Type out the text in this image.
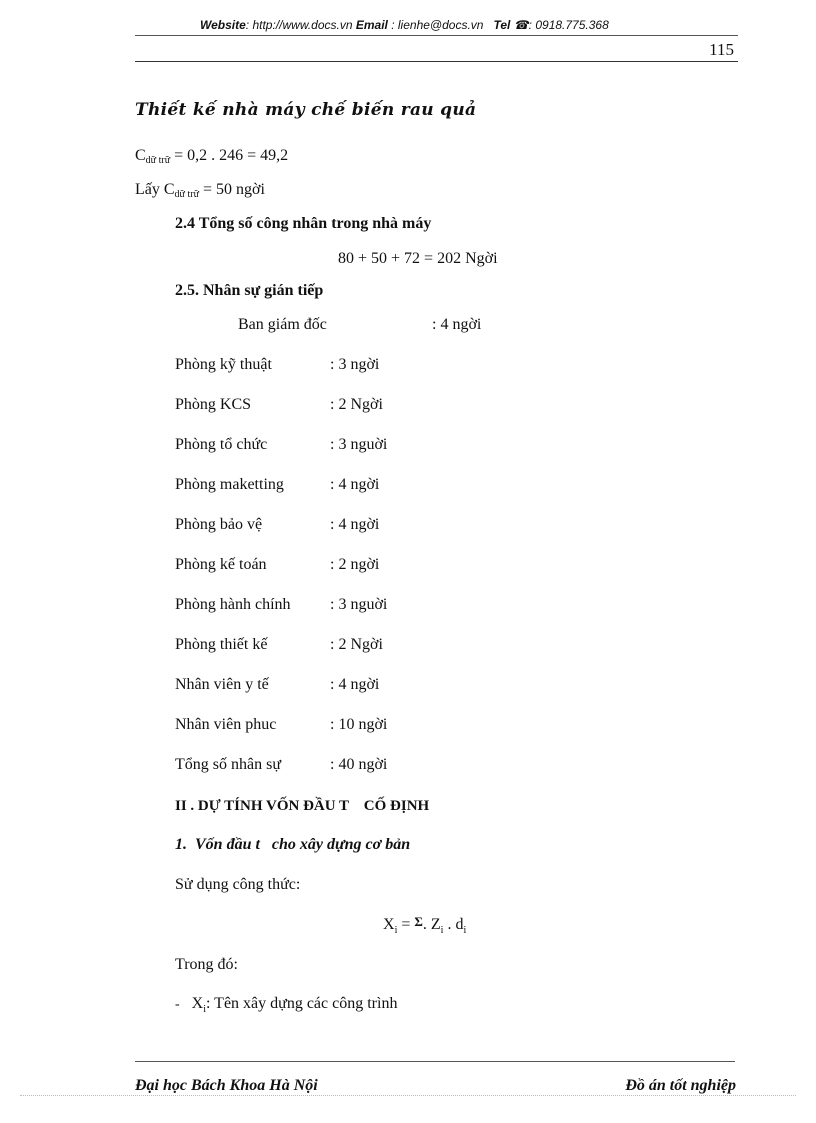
Website: http://www.docs.vn Email : lienhe@docs.vn Tel ☎: 0918.775.368
115
Thiết kế nhà máy chế biến rau quả
$C_{dữ trữ} = 0,2$ . 246 = 49,2
Lấy $C_{dữ trữ} = 50$ ngời
2.4 Tổng số công nhân trong nhà máy
80 + 50 + 72 = 202 Ngời
2.5. Nhân sự gián tiếp
Ban giám đốc	: 4 ngời
Phòng kỹ thuật	: 3 ngời
Phòng KCS	: 2 Ngời
Phòng tổ chức	: 3 nguời
Phòng maketting	: 4 ngời
Phòng bảo vệ	: 4 ngời
Phòng kế toán	: 2 ngời
Phòng hành chính : 3 nguời
Phòng thiết kế	: 2 Ngời
Nhân viên y tế	: 4 ngời
Nhân viên phuc	: 10 ngời
Tổng số nhân sự	: 40 ngời
II . DỰ TÍNH VỐN ĐẦU T    CỐ ĐỊNH
1.  Vốn đầu t   cho xây dựng cơ bản
Sử dụng công thức:
$X_i = \Sigma$. $Z_i$ . $d_i$
Trong đó:
- $X_i$: Tên xây dựng các công trình
Đại học Bách Khoa Hà Nội	Đồ án tốt nghiệp
